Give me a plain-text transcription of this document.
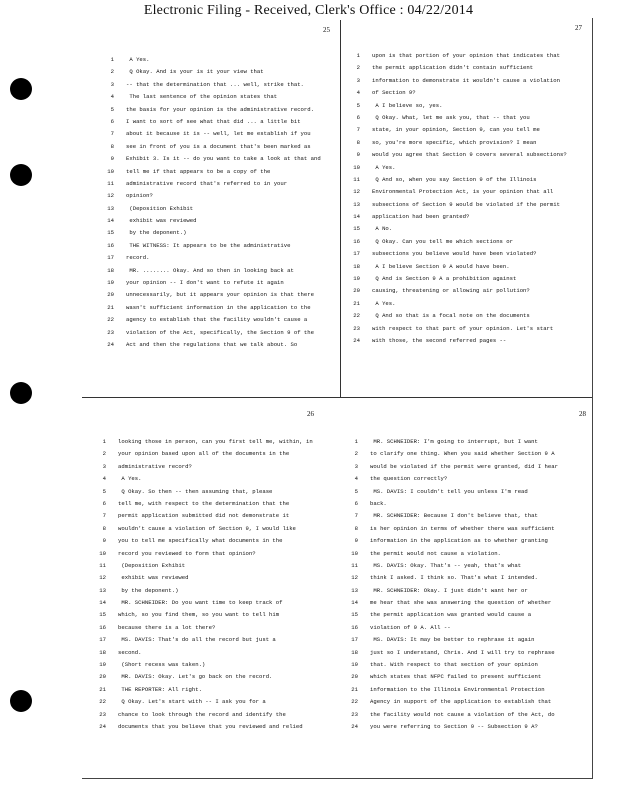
Electronic Filing - Received, Clerk's Office : 04/22/2014
25
1 A Yes.
2 Q Okay. And is your is it your view that
3 -- that the determination that ... well, strike that.
4 The last sentence of the opinion states that
5 the basis for your opinion is the administrative record.
6 I want to sort of see what that did ... a little bit
7 about it because it is -- well, let me establish if you
8 see in front of you is a document that's been marked as
9 Exhibit 3. Is it -- do you want to take a look at that and
10 tell me if that appears to be a copy of the
11 administrative record that's referred to in your
12 opinion?
13 (Deposition Exhibit
14 exhibit was reviewed
15 by the deponent.)
16 THE WITNESS: It appears to be the administrative
17 record.
18 MR. ........ Okay. And so then in looking back at
19 your opinion -- I don't want to refute it again
20 unnecessarily, but it appears your opinion is that there
21 wasn't sufficient information in the application to the
22 agency to establish that the facility wouldn't cause a
23 violation of the Act, specifically, the Section 9 of the
24 Act and then the regulations that we talk about. So
27
1 upon is that portion of your opinion that indicates that
2 the permit application didn't contain sufficient
3 information to demonstrate it wouldn't cause a violation
4 of Section 9?
5 A I believe so, yes.
6 Q Okay. What, let me ask you, that -- that you
7 state, in your opinion, Section 9, can you tell me
8 so, you're more specific, which provision? I mean
9 would you agree that Section 9 covers several subsections?
10 A Yes.
11 Q And so, when you say Section 9 of the Illinois
12 Environmental Protection Act, is your opinion that all
13 subsections of Section 9 would be violated if the permit
14 application had been granted?
15 A No.
16 Q Okay. Can you tell me which sections or
17 subsections you believe would have been violated?
18 A I believe Section 9 A would have been.
19 Q And is Section 9 A a prohibition against
20 causing, threatening or allowing air pollution?
21 A Yes.
22 Q And so that is a focal note on the documents
23 with respect to that part of your opinion. Let's start
24 with those, the second referred pages --
26
1 looking those in person, can you first tell me, within, in
2 your opinion based upon all of the documents in the
3 administrative record?
4 A Yes.
5 Q Okay. So then -- then assuming that, please
6 tell me, with respect to the determination that the
7 permit application submitted did not demonstrate it
8 wouldn't cause a violation of Section 9, I would like
9 you to tell me specifically what documents in the
10 record you reviewed to form that opinion?
11 (Deposition Exhibit
12 exhibit was reviewed
13 by the deponent.)
14 MR. SCHNEIDER: Do you want time to keep track of
15 which, so you find them, so you want to tell him
16 because there is a lot there?
17 MS. DAVIS: That's do all the record but just a
18 second.
19 (Short recess was taken.)
20 MR. DAVIS: Okay. Let's go back on the record.
21 THE REPORTER: All right.
22 Q Okay. Let's start with -- I ask you for a
23 chance to look through the record and identify the
24 documents that you believe that you reviewed and relied
28
1 MR. SCHNEIDER: I'm going to interrupt, but I want
2 to clarify one thing. When you said whether Section 9 A
3 would be violated if the permit were granted, did I hear
4 the question correctly?
5 MS. DAVIS: I couldn't tell you unless I'm read
6 back.
7 MR. SCHNEIDER: Because I don't believe that, that
8 is her opinion in terms of whether there was sufficient
9 information in the application as to whether granting
10 the permit would not cause a violation.
11 MS. DAVIS: Okay. That's -- yeah, that's what
12 think I asked. I think so. That's what I intended.
13 MR. SCHNEIDER: Okay. I just didn't want her or
14 me hear that she was answering the question of whether
15 the permit application was granted would cause a
16 violation of 9 A. All --
17 MS. DAVIS: It may be better to rephrase it again
18 just so I understand, Chris. And I will try to rephrase
19 that. With respect to that section of your opinion
20 which states that NFPC failed to present sufficient
21 information to the Illinois Environmental Protection
22 Agency in support of the application to establish that
23 the facility would not cause a violation of the Act, do
24 you were referring to Section 9 -- Subsection 9 A?
